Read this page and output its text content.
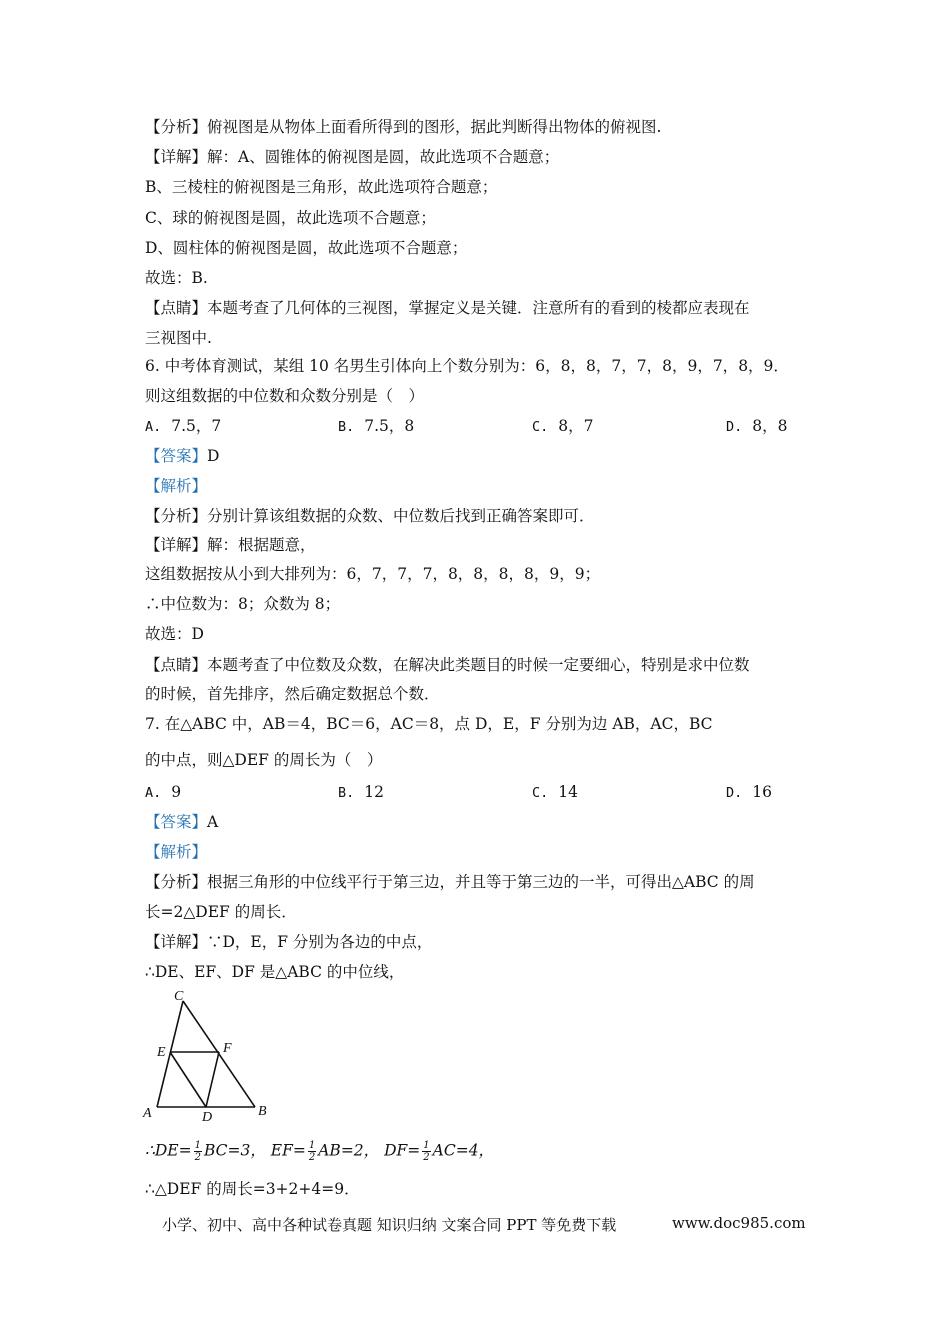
【分析】俯视图是从物体上面看所得到的图形，据此判断得出物体的俯视图.
【详解】解：A、圆锥体的俯视图是圆，故此选项不合题意；
B、三棱柱的俯视图是三角形，故此选项符合题意；
C、球的俯视图是圆，故此选项不合题意；
D、圆柱体的俯视图是圆，故此选项不合题意；
故选：B.
【点睛】本题考查了几何体的三视图，掌握定义是关键．注意所有的看到的棱都应表现在
三视图中.
6. 中考体育测试，某组 10 名男生引体向上个数分别为：6，8，8，7，7，8，9，7，8，9．
则这组数据的中位数和众数分别是（　）
A. 7.5，7	B. 7.5，8	C. 8，7	D. 8，8
【答案】D
【解析】
【分析】分别计算该组数据的众数、中位数后找到正确答案即可．
【详解】解：根据题意，
这组数据按从小到大排列为：6，7，7，7，8，8，8，8，9，9；
∴中位数为：8；众数为 8；
故选：D
【点睛】本题考查了中位数及众数，在解决此类题目的时候一定要细心，特别是求中位数
的时候，首先排序，然后确定数据总个数．
7. 在△ABC 中，AB＝4，BC＝6，AC＝8，点 D，E，F 分别为边 AB，AC，BC
的中点，则△DEF 的周长为（　）
A. 9	B. 12	C. 14	D. 16
【答案】A
【解析】
【分析】根据三角形的中位线平行于第三边，并且等于第三边的一半，可得出△ABC 的周
长=2△DEF 的周长．
【详解】∵D，E，F 分别为各边的中点，
∴DE、EF、DF 是△ABC 的中位线，
C
E	F
A	D	B
∴DE= $\frac{1}{2} BC=3$， $EF= \frac{1}{2} AB=2$， $DF= \frac{1}{2} AC=4$，
∴△DEF 的周长=3+2+4=9．
小学、初中、高中各种试卷真题 知识归纳 文案合同 PPT 等免费下载	www.doc985.com
